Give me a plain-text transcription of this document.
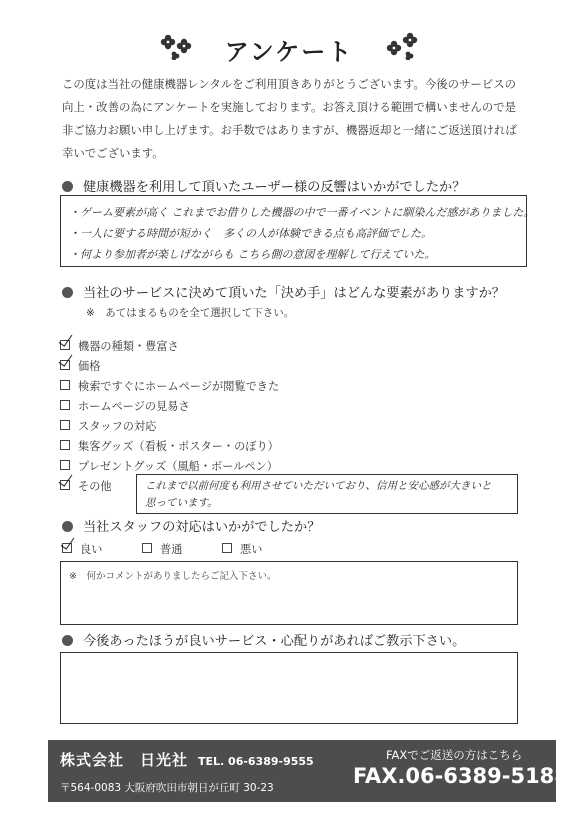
アンケート
この度は当社の健康機器レンタルをご利用頂きありがとうございます。今後のサービスの
向上・改善の為にアンケートを実施しております。お答え頂ける範囲で構いませんので是
非ご協力お願い申し上げます。お手数ではありますが、機器返却と一緒にご返送頂ければ
幸いでございます。
健康機器を利用して頂いたユーザー様の反響はいかがでしたか？
・ゲーム要素が高く これまでお借りした機器の中で一番イベントに馴染んだ感がありました。
・一人に要する時間が短かく　多くの人が体験できる点も高評価でした。
・何より参加者が楽しげながらも こちら側の意図を理解して行えていた。
当社のサービスに決めて頂いた「決め手」はどんな要素がありますか？
※　あてはまるものを全て選択して下さい。
機器の種類・豊富さ
価格
検索ですぐにホームページが閲覧できた
ホームページの見易さ
スタッフの対応
集客グッズ（看板・ポスター・のぼり）
プレゼントグッズ（風船・ボールペン）
その他	これまで以前何度も利用させていただいており、信用と安心感が大きいと
思っています。
当社スタッフの対応はいかがでしたか？
良い	普通	悪い
※　何かコメントがありましたらご記入下さい。
今後あったほうが良いサービス・心配りがあればご教示下さい。
株式会社　日光社 TEL. 06-6389-9555
〒564-0083 大阪府吹田市朝日が丘町 30-23
FAXでご返送の方はこちら
FAX.06-6389-5188
